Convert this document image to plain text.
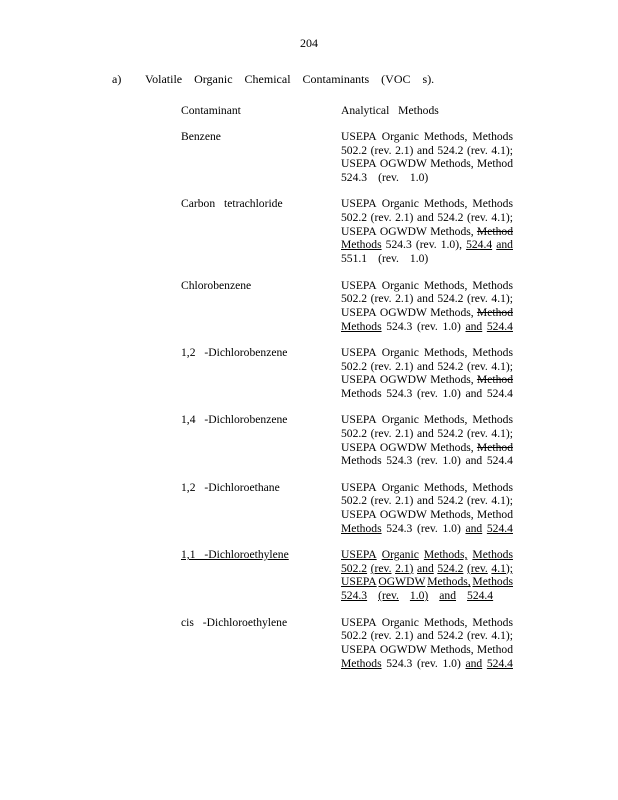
204
a) Volatile Organic Chemical Contaminants (VOC s).
Contaminant	Analytical Methods
Benzene	USEPA Organic Methods, Methods
502.2 (rev. 2.1) and 524.2 (rev. 4.1);
USEPA OGWDW Methods, Method
524.3 (rev. 1.0)
Carbon tetrachloride	USEPA Organic Methods, Methods
502.2 (rev. 2.1) and 524.2 (rev. 4.1);
USEPA OGWDW Methods, Method
Methods 524.3 (rev. 1.0), 524.4 and
551.1 (rev. 1.0)
Chlorobenzene	USEPA Organic Methods, Methods
502.2 (rev. 2.1) and 524.2 (rev. 4.1);
USEPA OGWDW Methods, Method
Methods 524.3 (rev. 1.0) and 524.4
1,2 -Dichlorobenzene	USEPA Organic Methods, Methods
502.2 (rev. 2.1) and 524.2 (rev. 4.1);
USEPA OGWDW Methods, Method
Methods 524.3 (rev. 1.0) and 524.4
1,4 -Dichlorobenzene	USEPA Organic Methods, Methods
502.2 (rev. 2.1) and 524.2 (rev. 4.1);
USEPA OGWDW Methods, Method
Methods 524.3 (rev. 1.0) and 524.4
1,2 -Dichloroethane	USEPA Organic Methods, Methods
502.2 (rev. 2.1) and 524.2 (rev. 4.1);
USEPA OGWDW Methods, Method
Methods 524.3 (rev. 1.0) and 524.4
1,1 -Dichloroethylene	USEPA Organic Methods, Methods
502.2 (rev. 2.1) and 524.2 (rev. 4.1);
USEPA OGWDW Methods, Methods
524.3 (rev. 1.0) and 524.4
cis -Dichloroethylene	USEPA Organic Methods, Methods
502.2 (rev. 2.1) and 524.2 (rev. 4.1);
USEPA OGWDW Methods, Method
Methods 524.3 (rev. 1.0) and 524.4
